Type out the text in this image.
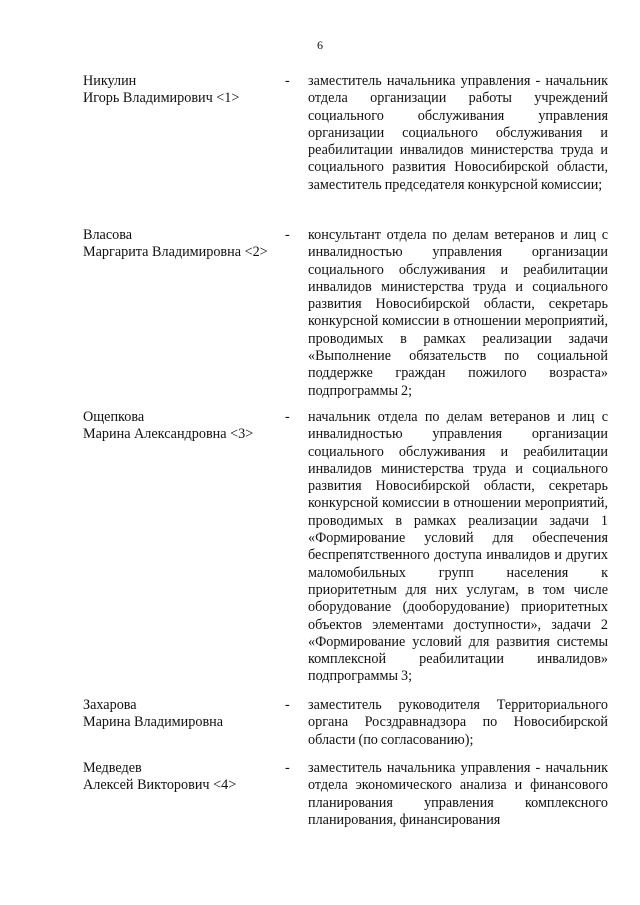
6
Никулин
Игорь Владимирович <1>
- заместитель начальника управления - начальник отдела организации работы учреждений социального обслуживания управления организации социального обслуживания и реабилитации инвалидов министерства труда и социального развития Новосибирской области, заместитель председателя конкурсной комиссии;
Власова
Маргарита Владимировна <2>
- консультант отдела по делам ветеранов и лиц с инвалидностью управления организации социального обслуживания и реабилитации инвалидов министерства труда и социального развития Новосибирской области, секретарь конкурсной комиссии в отношении мероприятий, проводимых в рамках реализации задачи «Выполнение обязательств по социальной поддержке граждан пожилого возраста» подпрограммы 2;
Ощепкова
Марина Александровна <3>
- начальник отдела по делам ветеранов и лиц с инвалидностью управления организации социального обслуживания и реабилитации инвалидов министерства труда и социального развития Новосибирской области, секретарь конкурсной комиссии в отношении мероприятий, проводимых в рамках реализации задачи 1 «Формирование условий для обеспечения беспрепятственного доступа инвалидов и других маломобильных групп населения к приоритетным для них услугам, в том числе оборудование (дооборудование) приоритетных объектов элементами доступности», задачи 2 «Формирование условий для развития системы комплексной реабилитации инвалидов» подпрограммы 3;
Захарова
Марина Владимировна
- заместитель руководителя Территориального органа Росздравнадзора по Новосибирской области (по согласованию);
Медведев
Алексей Викторович <4>
- заместитель начальника управления - начальник отдела экономического анализа и финансового планирования управления комплексного планирования, финансирования
